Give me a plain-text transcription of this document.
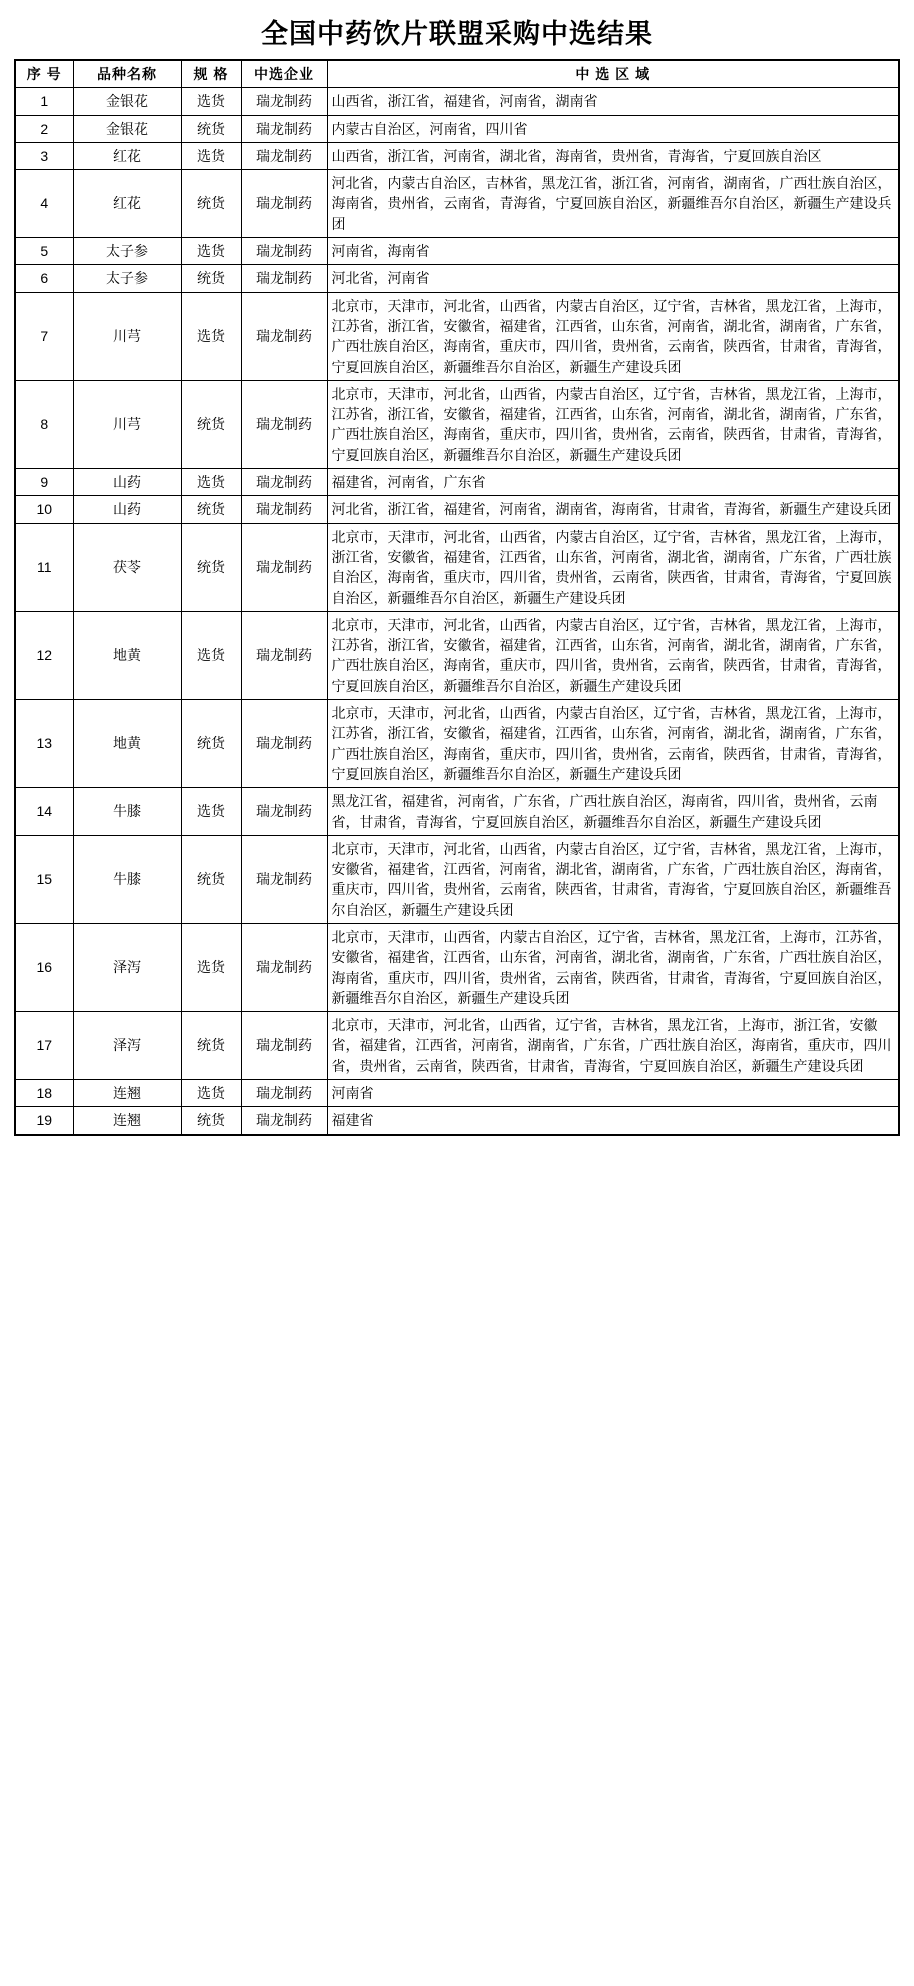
全国中药饮片联盟采购中选结果
序 号	品种名称	规 格	中选企业	中 选 区 域
1	金银花	选货	瑞龙制药	山西省，浙江省，福建省，河南省，湖南省
2	金银花	统货	瑞龙制药	内蒙古自治区，河南省，四川省
3	红花	选货	瑞龙制药	山西省，浙江省，河南省，湖北省，海南省，贵州省，青海省，宁夏回族自治区
4	红花	统货	瑞龙制药	河北省，内蒙古自治区，吉林省，黑龙江省，浙江省，河南省，湖南省，广西壮族自治区，海南省，贵州省，云南省，青海省，宁夏回族自治区，新疆维吾尔自治区，新疆生产建设兵团
5	太子参	选货	瑞龙制药	河南省，海南省
6	太子参	统货	瑞龙制药	河北省，河南省
7	川芎	选货	瑞龙制药	北京市，天津市，河北省，山西省，内蒙古自治区，辽宁省，吉林省，黑龙江省，上海市，江苏省，浙江省，安徽省，福建省，江西省，山东省，河南省，湖北省，湖南省，广东省，广西壮族自治区，海南省，重庆市，四川省，贵州省，云南省，陕西省，甘肃省，青海省，宁夏回族自治区，新疆维吾尔自治区，新疆生产建设兵团
8	川芎	统货	瑞龙制药	北京市，天津市，河北省，山西省，内蒙古自治区，辽宁省，吉林省，黑龙江省，上海市，江苏省，浙江省，安徽省，福建省，江西省，山东省，河南省，湖北省，湖南省，广东省，广西壮族自治区，海南省，重庆市，四川省，贵州省，云南省，陕西省，甘肃省，青海省，宁夏回族自治区，新疆维吾尔自治区，新疆生产建设兵团
9	山药	选货	瑞龙制药	福建省，河南省，广东省
10	山药	统货	瑞龙制药	河北省，浙江省，福建省，河南省，湖南省，海南省，甘肃省，青海省，新疆生产建设兵团
11	茯苓	统货	瑞龙制药	北京市，天津市，河北省，山西省，内蒙古自治区，辽宁省，吉林省，黑龙江省，上海市，浙江省，安徽省，福建省，江西省，山东省，河南省，湖北省，湖南省，广东省，广西壮族自治区，海南省，重庆市，四川省，贵州省，云南省，陕西省，甘肃省，青海省，宁夏回族自治区，新疆维吾尔自治区，新疆生产建设兵团
12	地黄	选货	瑞龙制药	北京市，天津市，河北省，山西省，内蒙古自治区，辽宁省，吉林省，黑龙江省，上海市，江苏省，浙江省，安徽省，福建省，江西省，山东省，河南省，湖北省，湖南省，广东省，广西壮族自治区，海南省，重庆市，四川省，贵州省，云南省，陕西省，甘肃省，青海省，宁夏回族自治区，新疆维吾尔自治区，新疆生产建设兵团
13	地黄	统货	瑞龙制药	北京市，天津市，河北省，山西省，内蒙古自治区，辽宁省，吉林省，黑龙江省，上海市，江苏省，浙江省，安徽省，福建省，江西省，山东省，河南省，湖北省，湖南省，广东省，广西壮族自治区，海南省，重庆市，四川省，贵州省，云南省，陕西省，甘肃省，青海省，宁夏回族自治区，新疆维吾尔自治区，新疆生产建设兵团
14	牛膝	选货	瑞龙制药	黑龙江省，福建省，河南省，广东省，广西壮族自治区，海南省，四川省，贵州省，云南省，甘肃省，青海省，宁夏回族自治区，新疆维吾尔自治区，新疆生产建设兵团
15	牛膝	统货	瑞龙制药	北京市，天津市，河北省，山西省，内蒙古自治区，辽宁省，吉林省，黑龙江省，上海市，安徽省，福建省，江西省，河南省，湖北省，湖南省，广东省，广西壮族自治区，海南省，重庆市，四川省，贵州省，云南省，陕西省，甘肃省，青海省，宁夏回族自治区，新疆维吾尔自治区，新疆生产建设兵团
16	泽泻	选货	瑞龙制药	北京市，天津市，山西省，内蒙古自治区，辽宁省，吉林省，黑龙江省，上海市，江苏省，安徽省，福建省，江西省，山东省，河南省，湖北省，湖南省，广东省，广西壮族自治区，海南省，重庆市，四川省，贵州省，云南省，陕西省，甘肃省，青海省，宁夏回族自治区，新疆维吾尔自治区，新疆生产建设兵团
17	泽泻	统货	瑞龙制药	北京市，天津市，河北省，山西省，辽宁省，吉林省，黑龙江省，上海市，浙江省，安徽省，福建省，江西省，河南省，湖南省，广东省，广西壮族自治区，海南省，重庆市，四川省，贵州省，云南省，陕西省，甘肃省，青海省，宁夏回族自治区，新疆生产建设兵团
18	连翘	选货	瑞龙制药	河南省
19	连翘	统货	瑞龙制药	福建省
